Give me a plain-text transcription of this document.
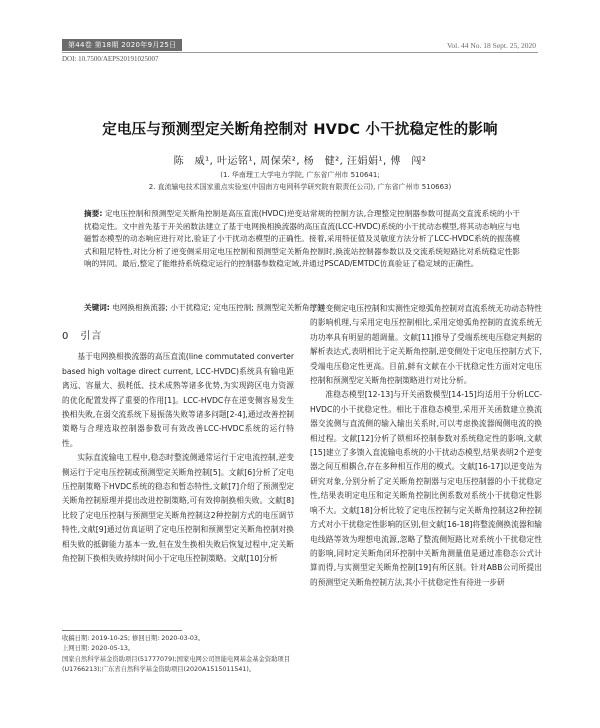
第44卷 第18期 2020年9月25日	Vol. 44 No. 18 Sept. 25, 2020
DOI: 10.7500/AEPS20191025007
定电压与预测型定关断角控制对 HVDC 小干扰稳定性的影响
陈　威¹, 叶运铭¹, 周保荣², 杨　健², 汪娟娟¹, 傅　闯²
(1. 华南理工大学电力学院, 广东省广州市 510641;
2. 直流输电技术国家重点实验室(中国南方电网科学研究院有限责任公司), 广东省广州市 510663)
摘要: 定电压控制和预测型定关断角控制是高压直流(HVDC)逆变站常规的控制方法,合理整定控制器参数可提高交直流系统的小干扰稳定性。文中首先基于开关函数法建立了基于电网换相换流器的高压直流(LCC-HVDC)系统的小干扰动态模型,将其动态响应与电磁暂态模型的动态响应进行对比,验证了小干扰动态模型的正确性。接着,采用特征值及灵敏度方法分析了LCC-HVDC系统的振荡模式和阻尼特性,对比分析了逆变侧采用定电压控制和预测型定关断角控制时,换流站控制器参数以及交流系统短路比对系统稳定性影响的异同。最后,整定了能维持系统稳定运行的控制器参数稳定域,并通过PSCAD/EMTDC仿真验证了稳定域的正确性。
关键词: 电网换相换流器; 小干扰稳定; 定电压控制; 预测型定关断角控制
0　引言

基于电网换相换流器的高压直流(line commutated converter based high voltage direct current, LCC-HVDC)系统具有输电距离远、容量大、损耗低、技术成熟等诸多优势,为实现跨区电力资源的优化配置发挥了重要的作用[1]。LCC-HVDC存在逆变侧容易发生换相失败,在弱交流系统下易振荡失败等诸多问题[2-4],通过改善控制策略与合理选取控制器参数可有效改善LCC-HVDC系统的运行特性。

实际直流输电工程中,稳态时整流侧通常运行于定电流控制,逆变侧运行于定电压控制或预测型定关断角控制[5]。文献[6]分析了定电压控制策略下HVDC系统的稳态和暂态特性,文献[7]介绍了预测型定关断角控制原理并提出改进控制策略,可有效抑制换相失败。文献[8]比较了定电压控制与预测型定关断角控制这2种控制方式的电压调节特性,文献[9]通过仿真证明了定电压控制和预测型定关断角控制对换相失败的抵御能力基本一致,但在发生换相失败后恢复过程中,定关断角控制下换相失败持续时间小于定电压控制策略。文献[10]分析

了逆变侧定电压控制和实测性定熄弧角控制对直流系统无功动态特性的影响机理,与采用定电压控制相比,采用定熄弧角控制的直流系统无功功率具有明显的超调量。文献[11]推导了受端系统电压稳定判据的解析表达式,表明相比于定关断角控制,逆变侧处于定电压控制方式下,受端电压稳定性更高。目前,鲜有文献在小干扰稳定性方面对定电压控制和预测型定关断角控制策略进行对比分析。

准稳态模型[12-13]与开关函数模型[14-15]均适用于分析LCC-HVDC的小干扰稳定性。相比于准稳态模型,采用开关函数建立换流器交流侧与直流侧的输入输出关系时,可以考虑换流器阀侧电流的换相过程。文献[12]分析了锁相环控制参数对系统稳定性的影响,文献[15]建立了多馈入直流输电系统的小干扰动态模型,结果表明2个逆变器之间互相耦合,存在多种相互作用的模式。文献[16-17]以逆变站为研究对象,分别分析了定关断角控制器与定电压控制器的小干扰稳定性,结果表明定电压和定关断角控制比例系数对系统小干扰稳定性影响不大。文献[18]分析比较了定电压控制与定关断角控制这2种控制方式对小干扰稳定性影响的区别,但文献[16-18]将整流侧换流器和输电线路等效为理想电流源,忽略了整流侧短路比对系统小干扰稳定性的影响,同时定关断角闭环控制中关断角测量值是通过准稳态公式计算而得,与实测型定关断角控制[19]有所区别。针对ABB公司所提出的预测型定关断角控制方法,其小干扰稳定性有待进一步研

收稿日期: 2019-10-25; 修回日期: 2020-03-03。

上网日期: 2020-05-13。

国家自然科学基金资助项目(51777079);国家电网公司智能电网基金基金资助项目(U1766213);广东省自然科学基金资助项目(2020A1515011541)。
